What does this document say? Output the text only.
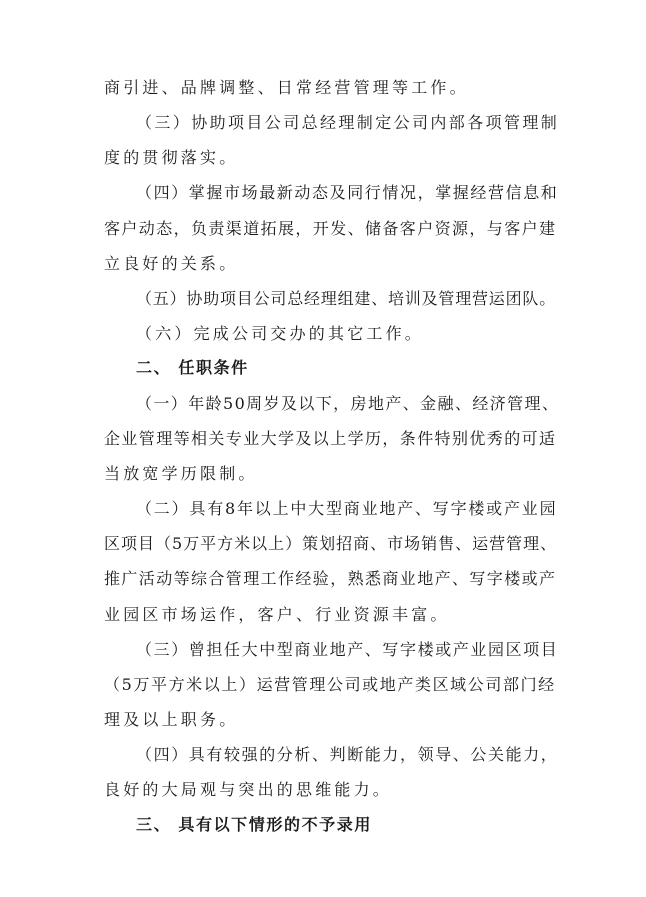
商引进、品牌调整、日常经营管理等工作。
（三）协助项目公司总经理制定公司内部各项管理制
度的贯彻落实。
（四）掌握市场最新动态及同行情况，掌握经营信息和
客户动态，负责渠道拓展，开发、储备客户资源，与客户建
立良好的关系。
（五）协助项目公司总经理组建、培训及管理营运团队。
（六）完成公司交办的其它工作。
二、 任职条件
（一）年龄50周岁及以下，房地产、金融、经济管理、
企业管理等相关专业大学及以上学历，条件特别优秀的可适
当放宽学历限制。
（二）具有8年以上中大型商业地产、写字楼或产业园
区项目（5万平方米以上）策划招商、市场销售、运营管理、
推广活动等综合管理工作经验，熟悉商业地产、写字楼或产
业园区市场运作，客户、行业资源丰富。
（三）曾担任大中型商业地产、写字楼或产业园区项目
（5万平方米以上）运营管理公司或地产类区域公司部门经
理及以上职务。
（四）具有较强的分析、判断能力，领导、公关能力，
良好的大局观与突出的思维能力。
三、 具有以下情形的不予录用
